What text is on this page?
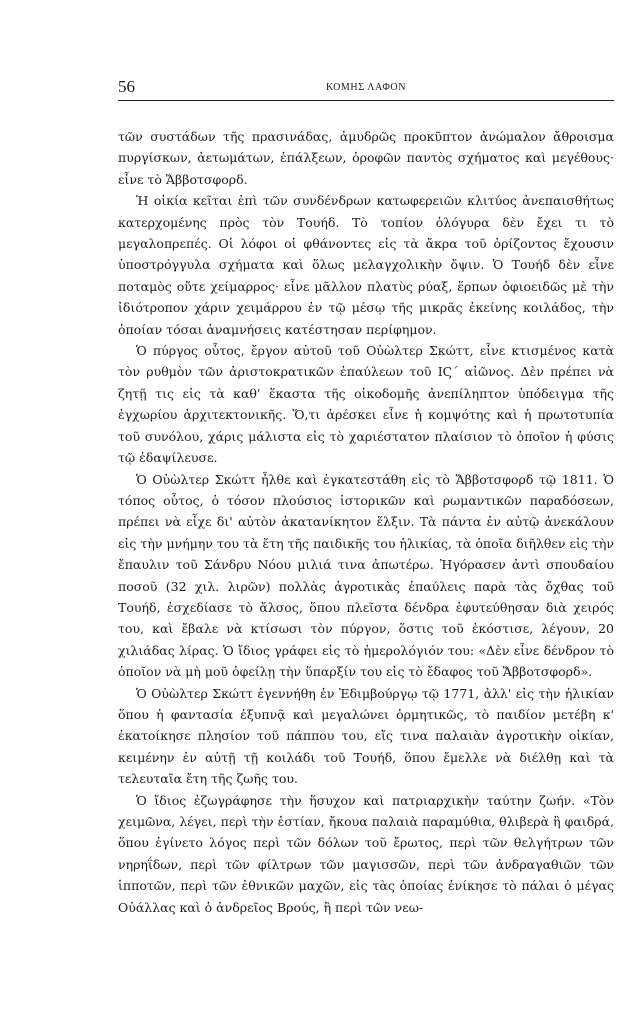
56	ΚΟΜΗΣ ΛΑΦΟΝ

τῶν συστάδων τῆς πρασινάδας, ἀμυδρῶς προκῦπτον ἀνώμαλον ἄθροισμα πυργίσκων, ἀετωμάτων, ἐπάλξεων, ὀροφῶν παντὸς σχήματος καὶ μεγέθους· εἶνε τὸ Ἄββοτσφορδ.

Ἡ οἰκία κεῖται ἐπὶ τῶν συνδένδρων κατωφερειῶν κλιτύος ἀνεπαισθήτως κατερχομένης πρὸς τὸν Τουήδ. Τὸ τοπίον ὁλόγυρα δὲν ἔχει τι τὸ μεγαλοπρεπές. Οἱ λόφοι οἱ φθάνοντες εἰς τὰ ἄκρα τοῦ ὁρίζοντος ἔχουσιν ὑποστρόγγυλα σχήματα καὶ ὅλως μελαγχολικὴν ὄψιν. Ὁ Τουήδ δὲν εἶνε ποταμὸς οὔτε χείμαρρος· εἶνε μᾶλλον πλατὺς ρύαξ, ἕρπων ὀφιοειδῶς μὲ τὴν ἰδιότροπον χάριν χειμάρρου ἐν τῷ μέσῳ τῆς μικρᾶς ἐκείνης κοιλάδος, τὴν ὁποίαν τόσαι ἀναμνήσεις κατέστησαν περίφημον.

Ὁ πύργος οὗτος, ἔργον αὐτοῦ τοῦ Οὐὼλτερ Σκώττ, εἶνε κτισμένος κατὰ τὸν ρυθμὸν τῶν ἀριστοκρατικῶν ἐπαύλεων τοῦ ΙϚ΄ αἰῶνος. Δὲν πρέπει νὰ ζητῇ τις εἰς τὰ καθ' ἕκαστα τῆς οἰκοδομῆς ἀνεπίληπτον ὑπόδειγμα τῆς ἐγχωρίου ἀρχιτεκτονικῆς. Ὅ,τι ἀρέσκει εἶνε ἡ κομψότης καὶ ἡ πρωτοτυπία τοῦ συνόλου, χάρις μάλιστα εἰς τὸ χαριέστατον πλαίσιον τὸ ὁποῖον ἡ φύσις τῷ ἐδαψίλευσε.

Ὁ Οὐὼλτερ Σκώττ ἦλθε καὶ ἐγκατεστάθη εἰς τὸ Ἄββοτσφορδ τῷ 1811. Ὁ τόπος οὗτος, ὁ τόσον πλούσιος ἱστορικῶν καὶ ρωμαντικῶν παραδόσεων, πρέπει νὰ εἶχε δι' αὐτὸν ἀκατανίκητον ἕλξιν. Τὰ πάντα ἐν αὐτῷ ἀνεκάλουν εἰς τὴν μνήμην του τὰ ἔτη τῆς παιδικῆς του ἡλικίας, τὰ ὁποῖα διῆλθεν εἰς τὴν ἔπαυλιν τοῦ Σάνδρυ Νόου μιλιά τινα ἀπωτέρω. Ἠγόρασεν ἀντὶ σπουδαίου ποσοῦ (32 χιλ. λιρῶν) πολλὰς ἀγροτικὰς ἐπαύλεις παρὰ τὰς ὄχθας τοῦ Τουήδ, ἐσχεδίασε τὸ ἄλσος, ὅπου πλεῖστα δένδρα ἐφυτεύθησαν διὰ χειρός του, καὶ ἔβαλε νὰ κτίσωσι τὸν πύργον, ὅστις τοῦ ἐκόστισε, λέγουν, 20 χιλιάδας λίρας. Ὁ ἴδιος γράφει εἰς τὸ ἡμερολόγιόν του: «Δὲν εἶνε δένδρον τὸ ὁποῖον νὰ μὴ μοῦ ὀφείλῃ τὴν ὕπαρξίν του εἰς τὸ ἔδαφος τοῦ Ἄββοτσφορδ».

Ὁ Οὐὼλτερ Σκώττ ἐγεννήθη ἐν Ἐδιμβούργῳ τῷ 1771, ἀλλ' εἰς τὴν ἡλικίαν ὅπου ἡ φαντασία ἐξυπνᾷ καὶ μεγαλώνει ὁρμητικῶς, τὸ παιδίον μετέβη κ' ἐκατοίκησε πλησίον τοῦ πάππου του, εἴς τινα παλαιὰν ἀγροτικὴν οἰκίαν, κειμένην ἐν αὐτῇ τῇ κοιλάδι τοῦ Τουήδ, ὅπου ἔμελλε νὰ διέλθῃ καὶ τὰ τελευταῖα ἔτη τῆς ζωῆς του.

Ὁ ἴδιος ἐζωγράφησε τὴν ἥσυχον καὶ πατριαρχικὴν ταύτην ζωήν. «Τὸν χειμῶνα, λέγει, περὶ τὴν ἑστίαν, ἤκουα παλαιὰ παραμύθια, θλιβερὰ ἢ φαιδρά, ὅπου ἐγίνετο λόγος περὶ τῶν δόλων τοῦ ἔρωτος, περὶ τῶν θελγήτρων τῶν νηρηΐδων, περὶ τῶν φίλτρων τῶν μαγισσῶν, περὶ τῶν ἀνδραγαθιῶν τῶν ἱπποτῶν, περὶ τῶν ἐθνικῶν μαχῶν, εἰς τὰς ὁποίας ἐνίκησε τὸ πάλαι ὁ μέγας Οὐάλλας καὶ ὁ ἀνδρεῖος Βρούς, ἢ περὶ τῶν νεω-
